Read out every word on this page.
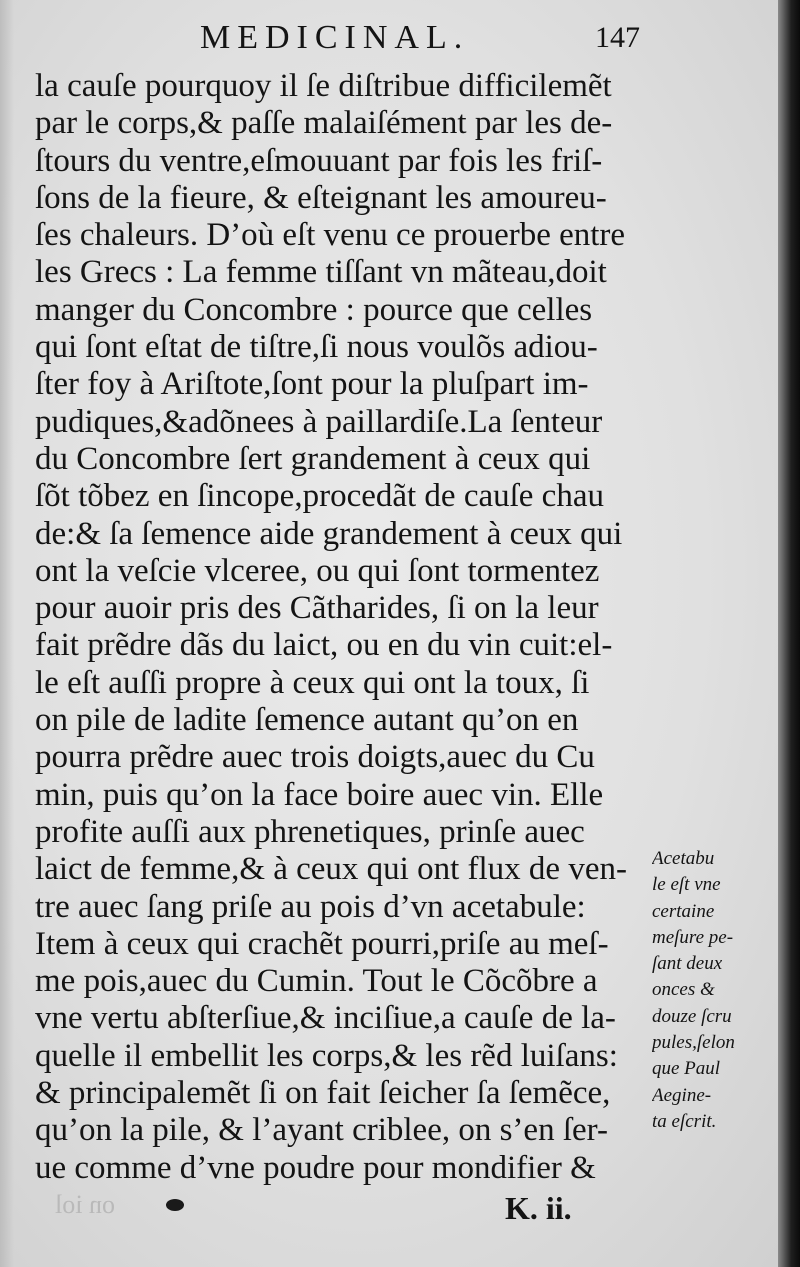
MEDICINAL.	147
la cauſe pourquoy il ſe diſtribue difficilemẽt
par le corps,& paſſe malaiſément par les de-
ſtours du ventre,eſmouuant par fois les friſ-
ſons de la fieure, & eſteignant les amoureu-
ſes chaleurs. D’où eſt venu ce prouerbe entre
les Grecs : La femme tiſſant vn mãteau,doit
manger du Concombre : pource que celles
qui ſont eſtat de tiſtre,ſi nous voulõs adiou-
ſter foy à Ariſtote,ſont pour la pluſpart im-
pudiques,&adõnees à paillardiſe.La ſenteur
du Concombre ſert grandement à ceux qui
ſõt tõbez en ſincope,procedãt de cauſe chau
de:& ſa ſemence aide grandement à ceux qui
ont la veſcie vlceree, ou qui ſont tormentez
pour auoir pris des Cãtharides, ſi on la leur
fait prẽdre dãs du laict, ou en du vin cuit:el-
le eſt auſſi propre à ceux qui ont la toux, ſi
on pile de ladite ſemence autant qu’on en
pourra prẽdre auec trois doigts,auec du Cu
min, puis qu’on la face boire auec vin. Elle
profite auſſi aux phrenetiques, prinſe auec
laict de femme,& à ceux qui ont flux de ven-
tre auec ſang priſe au pois d’vn acetabule:
Item à ceux qui crachẽt pourri,priſe au meſ-
me pois,auec du Cumin. Tout le Cõcõbre a
vne vertu abſterſiue,& inciſiue,a cauſe de la-
quelle il embellit les corps,& les rẽd luiſans:
& principalemẽt ſi on fait ſeicher ſa ſemẽce,
qu’on la pile, & l’ayant criblee, on s’en ſer-
ue comme d’vne poudre pour mondifier &
Acetabu
le eſt vne
certaine
meſure pe-
ſant deux
onces &
douze ſcru
pules,ſelon
que Paul
Aegine-
ta eſcrit.
on iol	K. ii.
